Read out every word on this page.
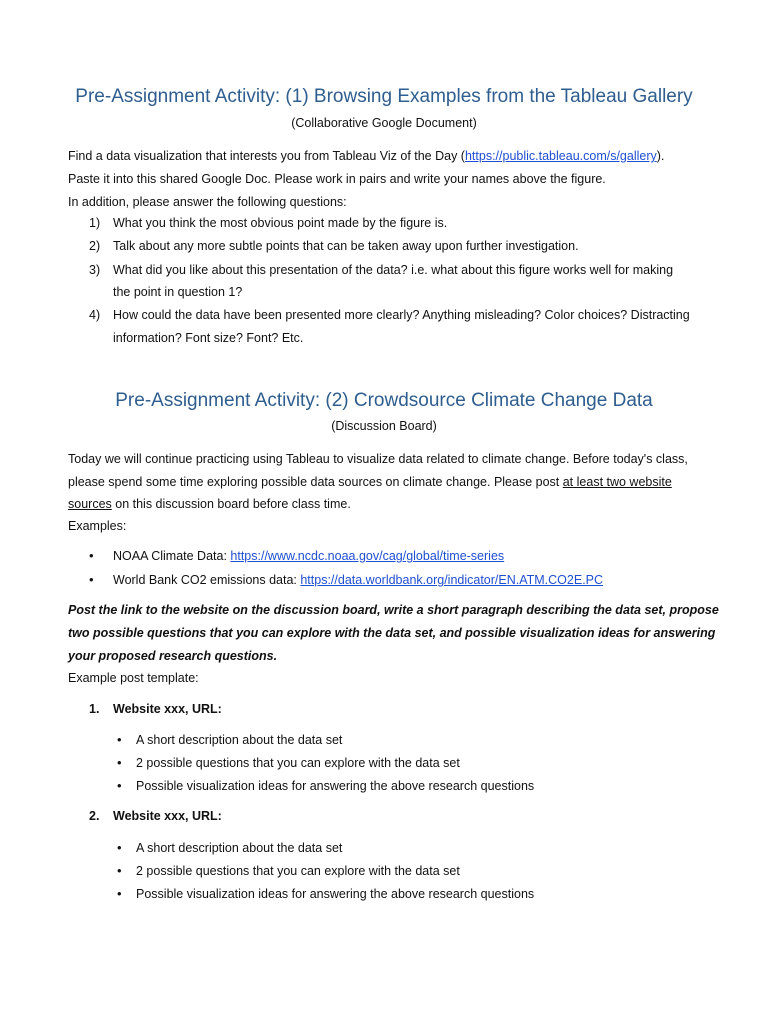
Pre-Assignment Activity: (1) Browsing Examples from the Tableau Gallery
(Collaborative Google Document)
Find a data visualization that interests you from Tableau Viz of the Day (https://public.tableau.com/s/gallery).
Paste it into this shared Google Doc. Please work in pairs and write your names above the figure.
In addition, please answer the following questions:
1) What you think the most obvious point made by the figure is.
2) Talk about any more subtle points that can be taken away upon further investigation.
3) What did you like about this presentation of the data? i.e. what about this figure works well for making
the point in question 1?
4) How could the data have been presented more clearly? Anything misleading? Color choices? Distracting
information? Font size? Font? Etc.
Pre-Assignment Activity: (2) Crowdsource Climate Change Data
(Discussion Board)
Today we will continue practicing using Tableau to visualize data related to climate change. Before today's class,
please spend some time exploring possible data sources on climate change. Please post at least two website
sources on this discussion board before class time.
Examples:
• NOAA Climate Data: https://www.ncdc.noaa.gov/cag/global/time-series
• World Bank CO2 emissions data: https://data.worldbank.org/indicator/EN.ATM.CO2E.PC
Post the link to the website on the discussion board, write a short paragraph describing the data set, propose
two possible questions that you can explore with the data set, and possible visualization ideas for answering
your proposed research questions.
Example post template:
1. Website xxx, URL:
• A short description about the data set
• 2 possible questions that you can explore with the data set
• Possible visualization ideas for answering the above research questions
2. Website xxx, URL:
• A short description about the data set
• 2 possible questions that you can explore with the data set
• Possible visualization ideas for answering the above research questions
